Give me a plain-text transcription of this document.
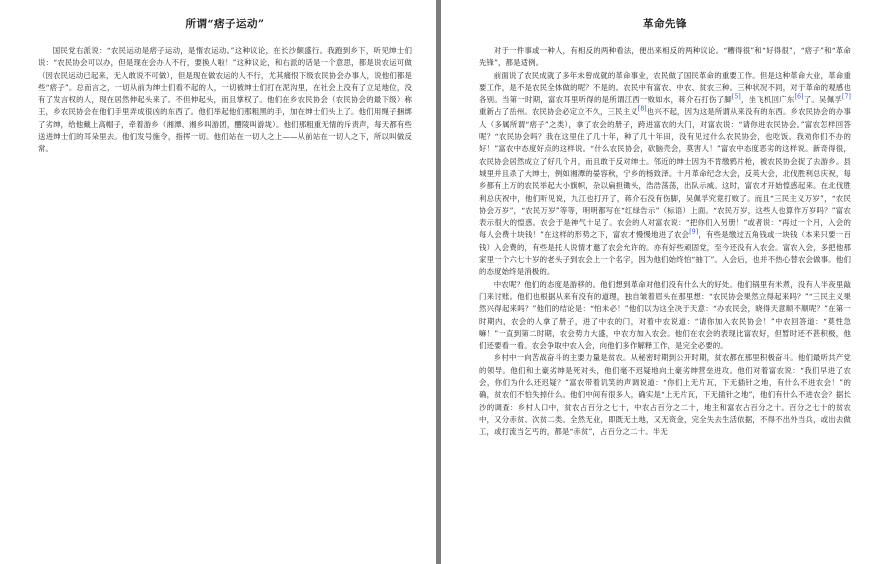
所谓“痞子运动”

国民党右派说：“农民运动是痞子运动，是惰农运动。”这种议论，在长沙颇盛行。我跑到乡下，听见绅士们说：“农民协会可以办，但是现在会办人不行，要换人啦！”这种议论，和右派的话是一个意思，都是说农运可做（因农民运动已起来，无人敢说不可做），但是现在做农运的人不行，尤其痛恨下级农民协会办事人，说他们都是些“痞子”。总而言之，一切从前为绅士们看不起的人，一切被绅士们打在泥沟里，在社会上没有了立足地位，没有了发言权的人，现在居然伸起头来了。不但伸起头，而且掌权了。他们在乡农民协会（农民协会的最下级）称王，乡农民协会在他们手里弄成很凶的东西了。他们举起他们那粗黑的手，加在绅士们头上了。他们用绳子捆绑了劣绅，给他戴上高帽子，牵着游乡（湘潭、湘乡叫游团，醴陵叫游垅）。他们那粗重无情的斥责声，每天都有些送进绅士们的耳朵里去。他们发号施令，指挥一切。他们站在一切人之上——从前站在一切人之下，所以叫做反常。

革命先锋

对于一件事或一种人，有相反的两种看法，便出来相反的两种议论。“糟得很”和“好得很”，“痞子”和“革命先锋”，都是适例。

前面说了农民成就了多年未曾成就的革命事业，农民做了国民革命的重要工作。但是这种革命大业，革命重要工作，是不是农民全体做的呢？不是的。农民中有富农、中农、贫农三种。三种状况不同，对于革命的观感也各别。当第一时期，富农耳里听得的是所谓江西一败如水，蒋介石打伤了脚[5]，坐飞机回广东[6]了。吴佩孚[7]重新占了岳州。农民协会必定立不久，三民主义[8]也兴不起，因为这是所谓从来没有的东西。乡农民协会的办事人（多属所谓“痞子”之类），拿了农会的册子，跨进富农的大门，对富农说：“请你进农民协会。”富农怎样回答呢？“农民协会吗？我在这里住了几十年，种了几十年田，没有见过什么农民协会，也吃饭。我劝你们不办的好！”富农中态度好点的这样说。“什么农民协会，砍脑壳会，莫害人！”富农中态度恶劣的这样说。新奇得很，农民协会居然成立了好几个月，而且敢于反对绅士。邻近的绅士因为不肯缴鸦片枪，被农民协会捉了去游乡。县城里并且杀了大绅士，例如湘潭的晏容秋，宁乡的杨致泽。十月革命纪念大会，反英大会，北伐胜利总庆祝，每乡都有上万的农民举起大小旗帜，杂以扁担锄头，浩浩荡荡，出队示威。这时，富农才开始惶惑起来。在北伐胜利总庆祝中，他们听见说，九江也打开了，蒋介石没有伤脚，吴佩孚究竟打败了。而且“三民主义万岁”，“农民协会万岁”，“农民万岁”等等，明明都写在“红绿告示”（标语）上面。“农民万岁，这些人也算作万岁吗？”富农表示很大的惶惑。农会于是神气十足了。农会的人对富农说：“把你们入另册！”或者说：“再过一个月，入会的每人会费十块钱！”在这样的形势之下，富农才慢慢地进了农会[9]，有些是缴过五角钱或一块钱（本来只要一百钱）入会费的，有些是托人说情才邀了农会允许的。亦有好些顽固党，至今还没有入农会。富农入会，多把他那家里一个六七十岁的老头子到农会上一个名字，因为他们始终怕“抽丁”。入会后，也并不热心替农会做事。他们的态度始终是消极的。

中农呢？他们的态度是游移的。他们想到革命对他们没有什么大的好处。他们锅里有米煮，没有人半夜里敲门来讨账。他们也根据从来有没有的道理，独自皱着眉头在那里想：“农民协会果然立得起来吗？”“三民主义果然兴得起来吗？”他们的结论是：“怕未必！”他们以为这全决于天意：“办农民会，晓得天意顺不顺呢？”在第一时期内，农会的人拿了册子，进了中农的门，对着中农说道：“请你加入农民协会！”中农回答道：“莫性急嘛！”一直到第二时期，农会势力大盛，中农方加入农会。他们在农会的表现比富农好，但暂时还不甚积极，他们还要看一看。农会争取中农入会，向他们多作解释工作，是完全必要的。

乡村中一向苦战奋斗的主要力量是贫农。从秘密时期到公开时期，贫农都在那里积极奋斗。他们最听共产党的领导。他们和土豪劣绅是死对头，他们毫不迟疑地向土豪劣绅营垒进攻。他们对着富农说：“我们早进了农会，你们为什么还迟疑？”富农带着讥笑的声调说道：“你们上无片瓦，下无插针之地，有什么不进农会！”的确，贫农们不怕失掉什么。他们中间有很多人，确实是“上无片瓦，下无插针之地”，他们有什么不进农会？据长沙的调查：乡村人口中，贫农占百分之七十，中农占百分之二十，地主和富农占百分之十。百分之七十的贫农中，又分赤贫、次贫二类。全然无业，即既无土地，又无资金，完全失去生活依据，不得不出外当兵，或出去做工，或打流当乞丐的，都是“赤贫”，占百分之二十。半无
